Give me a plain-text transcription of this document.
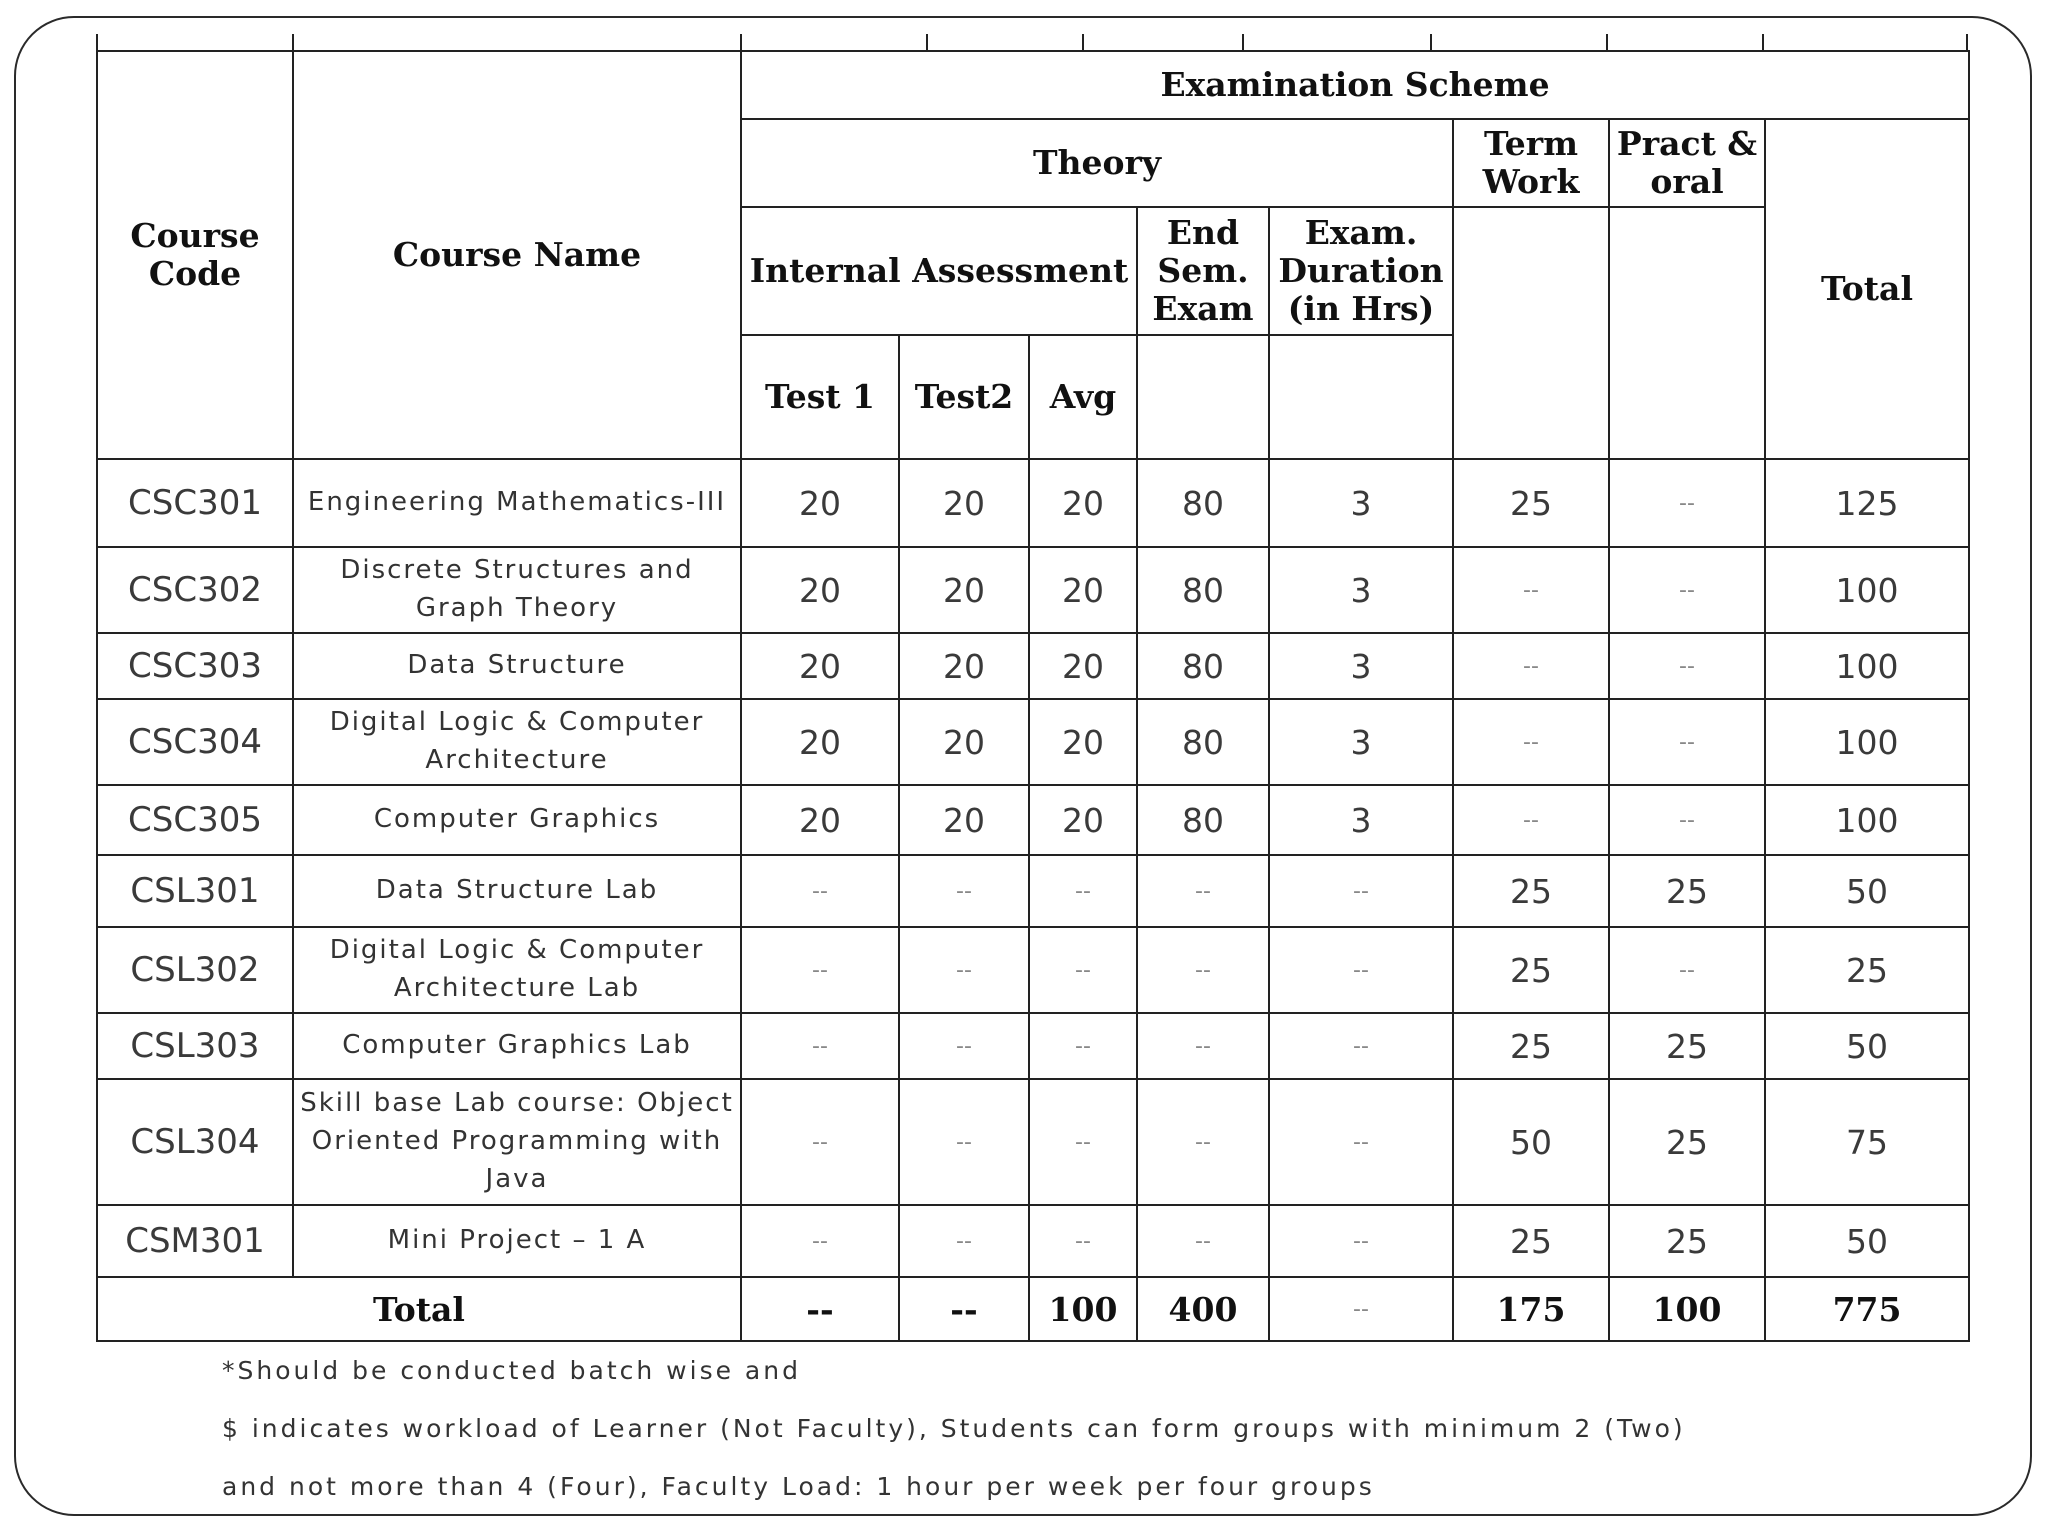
Course Code	Course Name	Examination Scheme							
		Theory					Term Work	Pract & oral	Total
		Internal Assessment			End Sem. Exam	Exam. Duration (in Hrs)			
		Test 1	Test2	Avg					
CSC301	Engineering Mathematics-III	20	20	20	80	3	25	--	125
CSC302	Discrete Structures and Graph Theory	20	20	20	80	3	--	--	100
CSC303	Data Structure	20	20	20	80	3	--	--	100
CSC304	Digital Logic & Computer Architecture	20	20	20	80	3	--	--	100
CSC305	Computer Graphics	20	20	20	80	3	--	--	100
CSL301	Data Structure Lab	--	--	--	--	--	25	25	50
CSL302	Digital Logic & Computer Architecture Lab	--	--	--	--	--	25	--	25
CSL303	Computer Graphics Lab	--	--	--	--	--	25	25	50
CSL304	Skill base Lab course: Object Oriented Programming with Java	--	--	--	--	--	50	25	75
CSM301	Mini Project – 1 A	--	--	--	--	--	25	25	50
Total		--	--	100	400	--	175	100	775
*Should be conducted batch wise and
$ indicates workload of Learner (Not Faculty), Students can form groups with minimum 2 (Two)
and not more than 4 (Four), Faculty Load: 1 hour per week per four groups
